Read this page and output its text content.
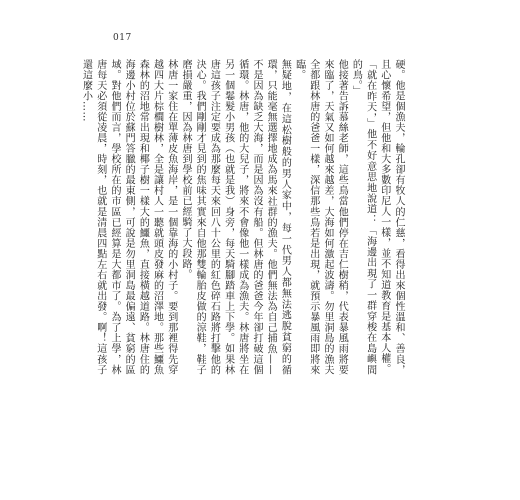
017

硬。他是個漁夫，輪孔卻有牧人的仁慈，看得出來個性溫和、善良，且心懷希望，但他和大多數印尼人一樣，並不知道教育是基本人權。

「就在昨天，」他不好意思地說道：「海邊出現了一群穿梭在島嶼間的鳥。」

他接著告訴慕絲老師，這些鳥當他們停在吉仁樹稍，代表暴風雨將要來臨了，天氣又如何越來越差，大海如何激起波濤。勿里洞島的漁夫全都跟林唐的爸爸一樣，深信那些鳥若是出現，就預示暴風雨即將來臨。

無疑地，在這松樹般的男人家中，每一代男人都無法逃脫貧窮的循環，只能毫無選擇地成為馬來社群的漁夫。他們無法為自己捕魚——不是因為缺乏大海，而是因為沒有船。但林唐的爸爸今年卻打破這個循環。林唐，他的大兒子，將來不會像他一樣成為漁夫。林唐將坐在另一個鬈髮小男孩（也就是我）身旁，每天騎腳踏車上下學。如果林唐這孩子注定要成為那麼每天來回八十公里的紅色碎石路將打擊他的決心。我們剛剛才見到的焦味其實來自他那雙輪胎皮做的涼鞋，鞋子磨損嚴重，因為林唐到學校前已經騎了大段路。

林唐一家住在單薄皮魚海岸，是一個靠海的小村子。要到那裡得先穿越四大片棕櫚樹林，全是讓村人一聽就頭皮發麻的沼澤地。那些鱷魚森林的沼地常出現和椰子樹一樣大的鱷魚，直接橫越道路。林唐住的海邊小村位於蘇門答臘的最東側，可說是勿里洞島最偏遠、貧窮的區域。對他們而言，學校所在的市區已經算是大都市了。為了上學，林唐每天必須從凌晨，時刻，也就是清晨四點左右就出發。啊！這孩子還這麼小……
